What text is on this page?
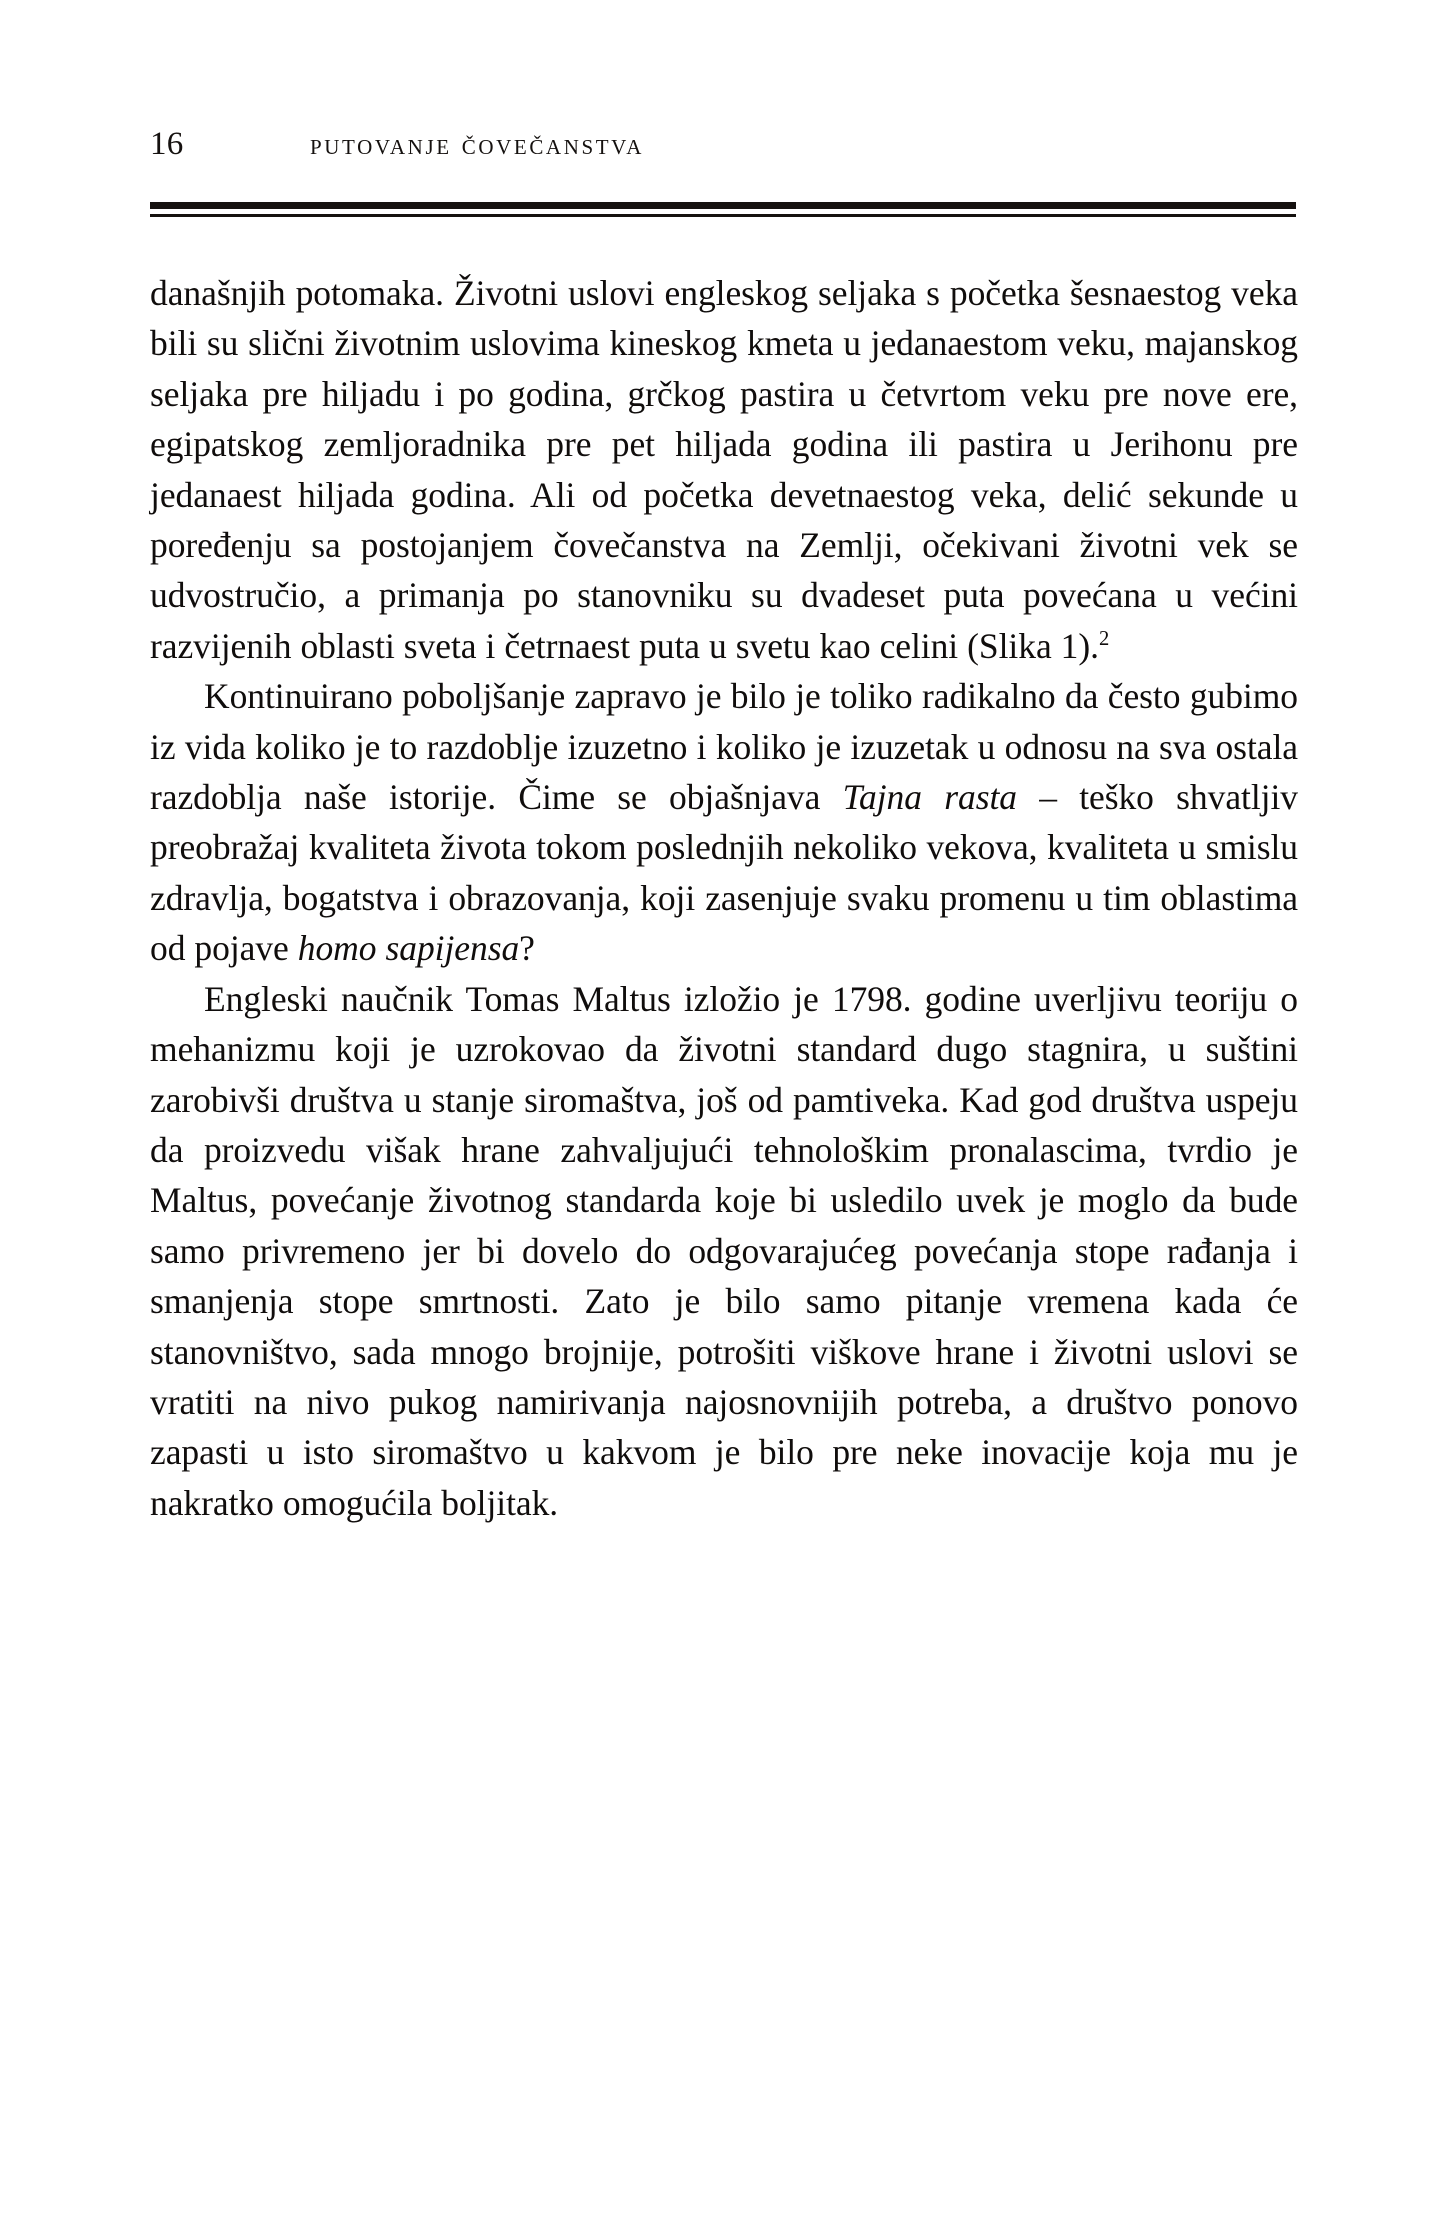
16	putovanje čovečanstva

današnjih potomaka. Životni uslovi engleskog seljaka s početka šesnaestog veka bili su slični životnim uslovima kineskog kmeta u jedanaestom veku, majanskog seljaka pre hiljadu i po godina, grčkog pastira u četvrtom veku pre nove ere, egipatskog zemljoradnika pre pet hiljada godina ili pastira u Jerihonu pre jedanaest hiljada godina. Ali od početka devetnaestog veka, delić sekunde u poređenju sa postojanjem čovečanstva na Zemlji, očekivani životni vek se udvostručio, a primanja po stanovniku su dvadeset puta povećana u većini razvijenih oblasti sveta i četrnaest puta u svetu kao celini (Slika 1).$^2$

Kontinuirano poboljšanje zapravo je bilo je toliko radikalno da često gubimo iz vida koliko je to razdoblje izuzetno i koliko je izuzetak u odnosu na sva ostala razdoblja naše istorije. Čime se objašnjava Tajna rasta – teško shvatljiv preobražaj kvaliteta života tokom poslednjih nekoliko vekova, kvaliteta u smislu zdravlja, bogatstva i obrazovanja, koji zasenjuje svaku promenu u tim oblastima od pojave homo sapijensa?

Engleski naučnik Tomas Maltus izložio je 1798. godine uverljivu teoriju o mehanizmu koji je uzrokovao da životni standard dugo stagnira, u suštini zarobivši društva u stanje siromaštva, još od pamtiveka. Kad god društva uspeju da proizvedu višak hrane zahvaljujući tehnološkim pronalascima, tvrdio je Maltus, povećanje životnog standarda koje bi usledilo uvek je moglo da bude samo privremeno jer bi dovelo do odgovarajućeg povećanja stope rađanja i smanjenja stope smrtnosti. Zato je bilo samo pitanje vremena kada će stanovništvo, sada mnogo brojnije, potrošiti viškove hrane i životni uslovi se vratiti na nivo pukog namirivanja najosnovnijih potreba, a društvo ponovo zapasti u isto siromaštvo u kakvom je bilo pre neke inovacije koja mu je nakratko omogućila boljitak.
